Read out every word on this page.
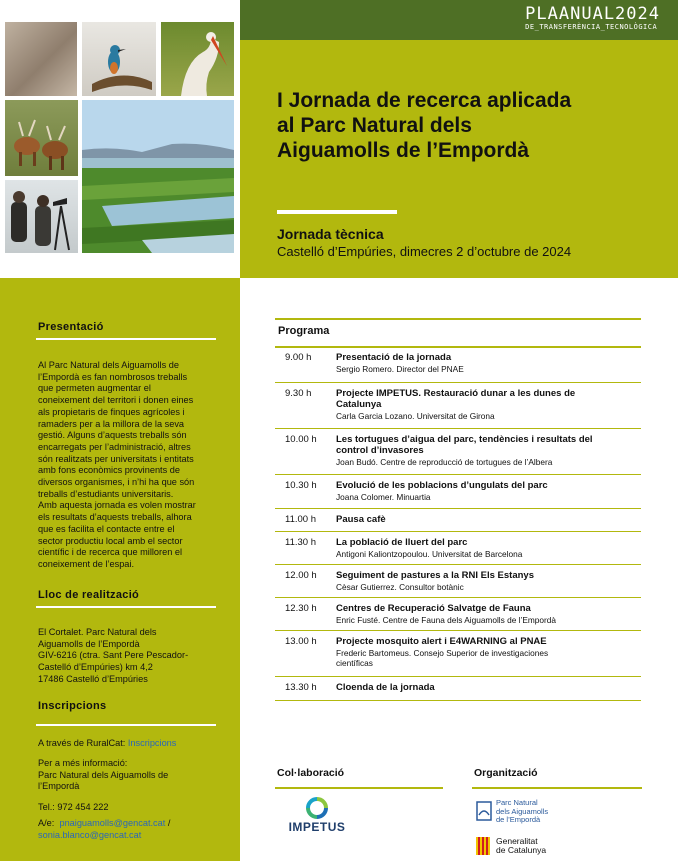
PLAANUAL2024
DE_TRANSFERÈNCIA_TECNOLÒGICA
I Jornada de recerca aplicada
al Parc Natural dels
Aiguamolls de l’Empordà
Jornada tècnica
Castelló d’Empúries, dimecres 2 d’octubre de 2024
Presentació
Al Parc Natural dels Aiguamolls de
l’Empordà es fan nombrosos treballs
que permeten augmentar el
coneixement del territori i donen eines
als propietaris de finques agrícoles i
ramaders per a la millora de la seva
gestió. Alguns d’aquests treballs són
encarregats per l’administració, altres
són realitzats per universitats i entitats
amb fons econòmics provinents de
diversos organismes, i n’hi ha que són
treballs d’estudiants universitaris.
Amb aquesta jornada es volen mostrar
els resultats d’aquests treballs, alhora
que es facilita el contacte entre el
sector productiu local amb el sector
científic i de recerca que milloren el
coneixement de l’espai.
Lloc de realització
El Cortalet. Parc Natural dels
Aiguamolls de l’Empordà
GIV-6216 (ctra. Sant Pere Pescador-
Castelló d’Empúries) km 4,2
17486 Castelló d’Empúries
Inscripcions
A través de RuralCat: Inscripcions
Per a més informació:
Parc Natural dels Aiguamolls de
l’Empordà
Tel.: 972 454 222
A/e: pnaiguamolls@gencat.cat /
sonia.blanco@gencat.cat
Programa
9.00 h	Presentació de la jornada
Sergio Romero. Director del PNAE
9.30 h	Projecte IMPETUS. Restauració dunar a les dunes de
Catalunya
Carla Garcia Lozano. Universitat de Girona
10.00 h Les tortugues d’aigua del parc, tendències i resultats del
control d’invasores
Joan Budó. Centre de reproducció de tortugues de l’Albera
10.30 h Evolució de les poblacions d’ungulats del parc
Joana Colomer. Minuartia
11.00 h Pausa cafè
11.30 h La població de lluert del parc
Antigoni Kaliontzopoulou. Universitat de Barcelona
12.00 h Seguiment de pastures a la RNI Els Estanys
Cèsar Gutierrez. Consultor botànic
12.30 h Centres de Recuperació Salvatge de Fauna
Enric Fusté. Centre de Fauna dels Aiguamolls de l’Empordà
13.00 h Projecte mosquito alert i E4WARNING al PNAE
Frederic Bartomeus. Consejo Superior de investigaciones
científicas
13.30 h Cloenda de la jornada
Col·laboració
IMPETUS
Organització
Parc Natural
dels Aiguamolls
de l’Empordà
Generalitat
de Catalunya
